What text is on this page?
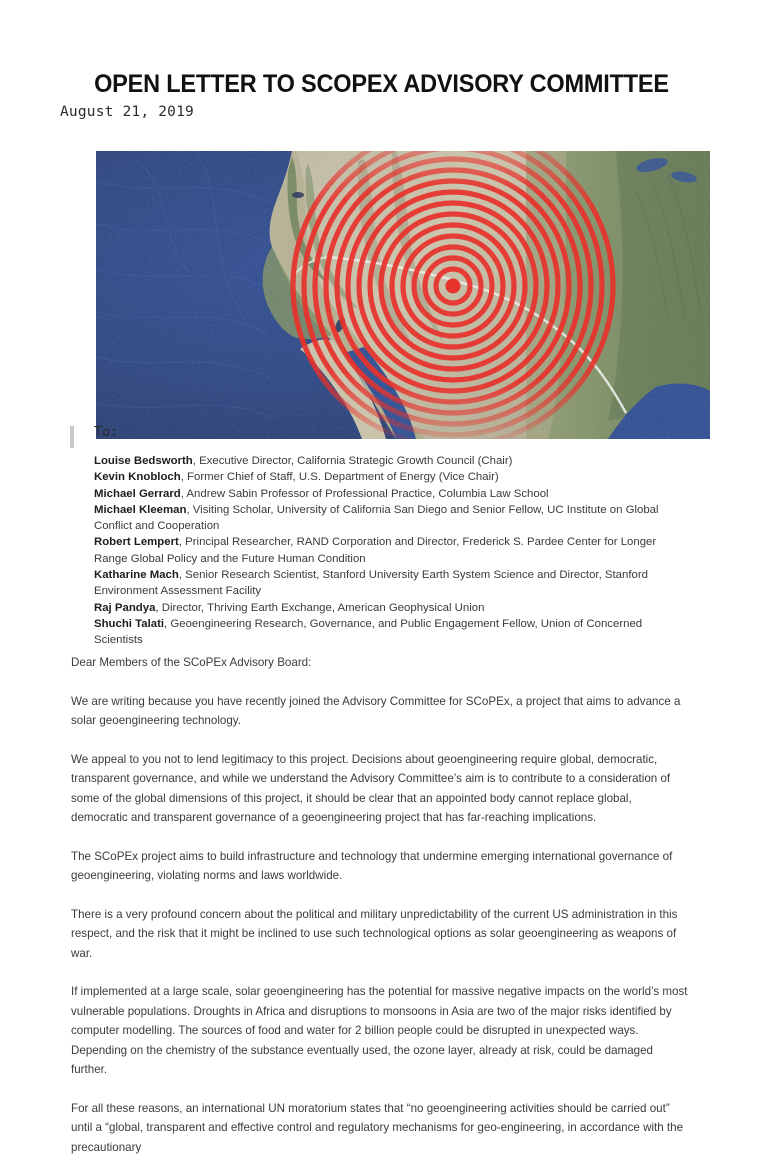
OPEN LETTER TO SCOPEX ADVISORY COMMITTEE
August 21, 2019
To:

Louise Bedsworth, Executive Director, California Strategic Growth Council (Chair)

Kevin Knobloch, Former Chief of Staff, U.S. Department of Energy (Vice Chair)

Michael Gerrard, Andrew Sabin Professor of Professional Practice, Columbia Law School

Michael Kleeman, Visiting Scholar, University of California San Diego and Senior Fellow, UC Institute on Global Conflict and Cooperation

Robert Lempert, Principal Researcher, RAND Corporation and Director, Frederick S. Pardee Center for Longer Range Global Policy and the Future Human Condition

Katharine Mach, Senior Research Scientist, Stanford University Earth System Science and Director, Stanford Environment Assessment Facility

Raj Pandya, Director, Thriving Earth Exchange, American Geophysical Union

Shuchi Talati, Geoengineering Research, Governance, and Public Engagement Fellow, Union of Concerned Scientists

Dear Members of the SCoPEx Advisory Board:

We are writing because you have recently joined the Advisory Committee for SCoPEx, a project that aims to advance a solar geoengineering technology.

We appeal to you not to lend legitimacy to this project. Decisions about geoengineering require global, democratic, transparent governance, and while we understand the Advisory Committee’s aim is to contribute to a consideration of some of the global dimensions of this project, it should be clear that an appointed body cannot replace global, democratic and transparent governance of a geoengineering project that has far-reaching implications.

The SCoPEx project aims to build infrastructure and technology that undermine emerging international governance of geoengineering, violating norms and laws worldwide.

There is a very profound concern about the political and military unpredictability of the current US administration in this respect, and the risk that it might be inclined to use such technological options as solar geoengineering as weapons of war.

If implemented at a large scale, solar geoengineering has the potential for massive negative impacts on the world’s most vulnerable populations. Droughts in Africa and disruptions to monsoons in Asia are two of the major risks identified by computer modelling. The sources of food and water for 2 billion people could be disrupted in unexpected ways. Depending on the chemistry of the substance eventually used, the ozone layer, already at risk, could be damaged further.

For all these reasons, an international UN moratorium states that “no geoengineering activities should be carried out” until a “global, transparent and effective control and regulatory mechanisms for geo-engineering, in accordance with the precautionary
